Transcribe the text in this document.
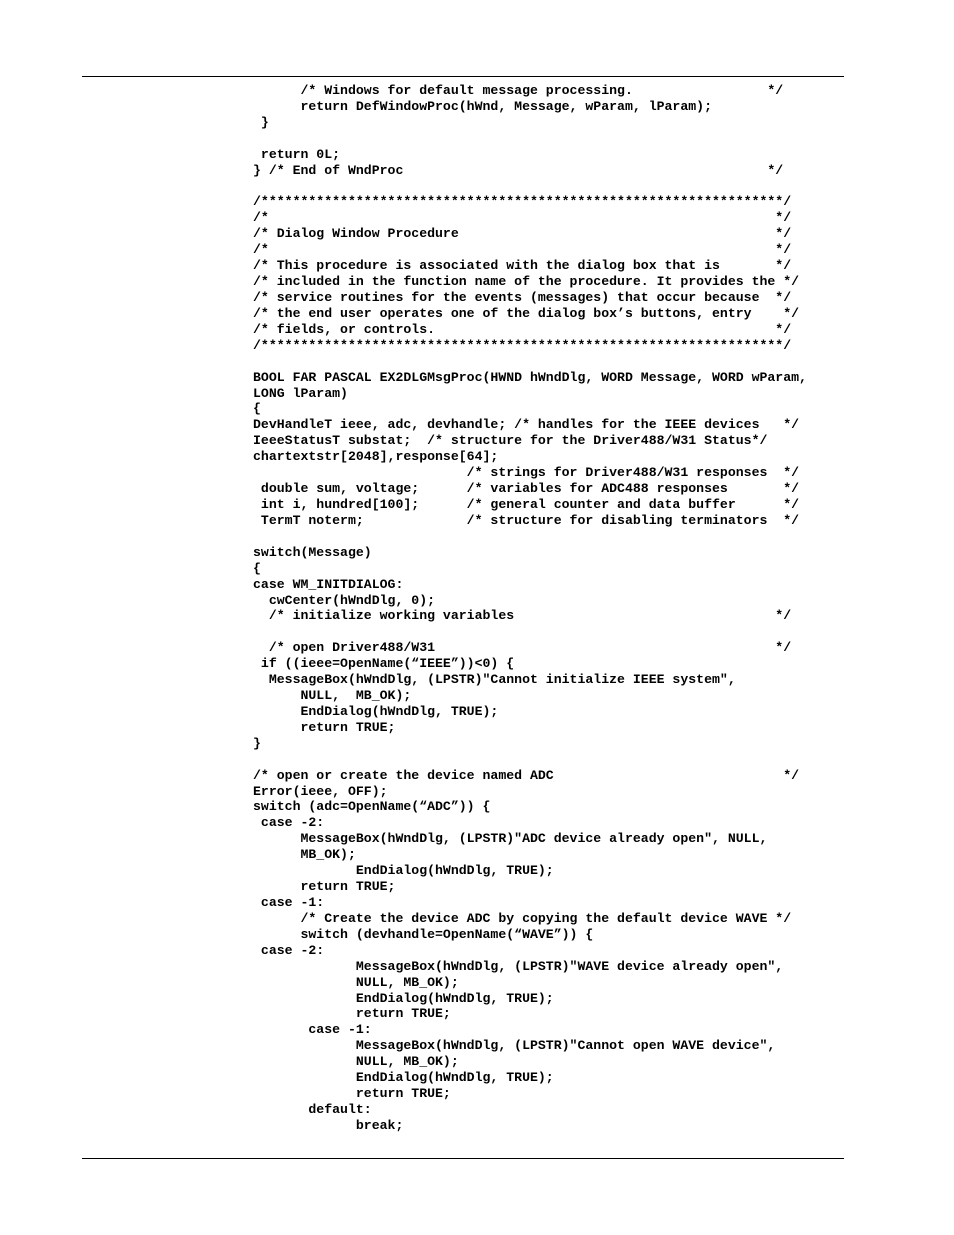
/* Windows for default message processing.                 */
return DefWindowProc(hWnd, Message, wParam, lParam);
}
return 0L;
} /* End of WndProc                                              */
/******************************************************************/
/*                                                                */
/* Dialog Window Procedure                                        */
/*                                                                */
/* This procedure is associated with the dialog box that is       */
/* included in the function name of the procedure. It provides the */
/* service routines for the events (messages) that occur because  */
/* the end user operates one of the dialog box’s buttons, entry    */
/* fields, or controls.                                           */
/******************************************************************/
BOOL FAR PASCAL EX2DLGMsgProc(HWND hWndDlg, WORD Message, WORD wParam,
LONG lParam)
{
DevHandleT ieee, adc, devhandle; /* handles for the IEEE devices   */
IeeeStatusT substat;  /* structure for the Driver488/W31 Status*/
chartextstr[2048],response[64];
/* strings for Driver488/W31 responses  */
double sum, voltage;      /* variables for ADC488 responses       */
int i, hundred[100];      /* general counter and data buffer      */
TermT noterm;             /* structure for disabling terminators  */
switch(Message)
{
case WM_INITDIALOG:
cwCenter(hWndDlg, 0);
/* initialize working variables                                 */
/* open Driver488/W31                                           */
if ((ieee=OpenName(“IEEE”))<0) {
MessageBox(hWndDlg, (LPSTR)"Cannot initialize IEEE system",
NULL,  MB_OK);
EndDialog(hWndDlg, TRUE);
return TRUE;
}
/* open or create the device named ADC                             */
Error(ieee, OFF);
switch (adc=OpenName(“ADC”)) {
case -2:
MessageBox(hWndDlg, (LPSTR)"ADC device already open", NULL,
MB_OK);
EndDialog(hWndDlg, TRUE);
return TRUE;
case -1:
/* Create the device ADC by copying the default device WAVE */
switch (devhandle=OpenName(“WAVE”)) {
case -2:
MessageBox(hWndDlg, (LPSTR)"WAVE device already open",
NULL, MB_OK);
EndDialog(hWndDlg, TRUE);
return TRUE;
case -1:
MessageBox(hWndDlg, (LPSTR)"Cannot open WAVE device",
NULL, MB_OK);
EndDialog(hWndDlg, TRUE);
return TRUE;
default:
break;
